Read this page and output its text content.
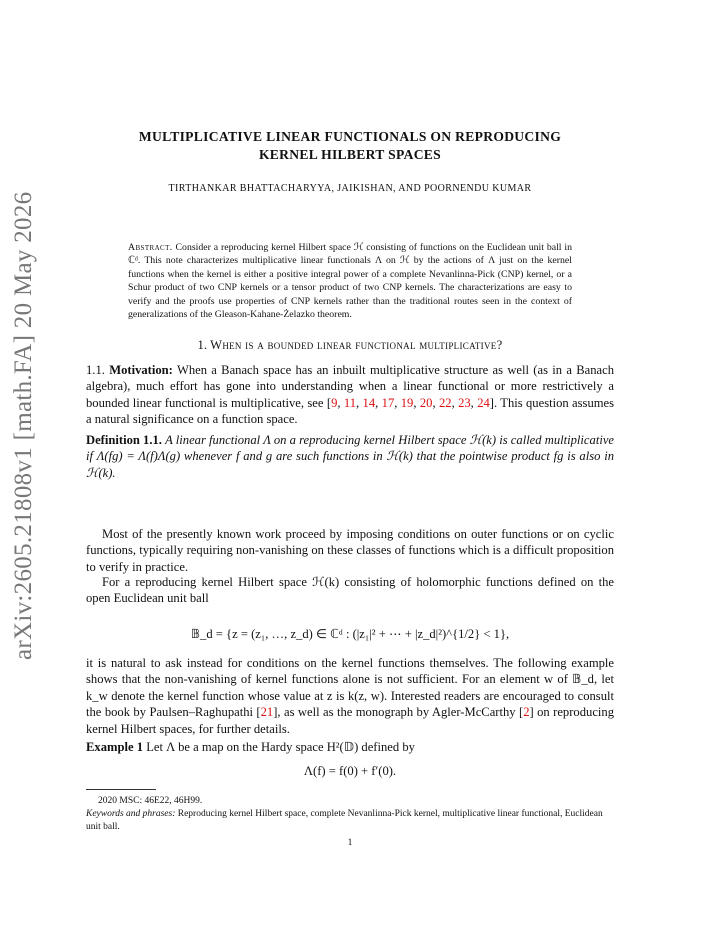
arXiv:2605.21808v1 [math.FA] 20 May 2026
MULTIPLICATIVE LINEAR FUNCTIONALS ON REPRODUCING
KERNEL HILBERT SPACES
TIRTHANKAR BHATTACHARYYA, JAIKISHAN, AND POORNENDU KUMAR
Abstract. Consider a reproducing kernel Hilbert space ℋ consisting of functions on the Euclidean unit ball in ℂᵈ. This note characterizes multiplicative linear functionals Λ on ℋ by the actions of Λ just on the kernel functions when the kernel is either a positive integral power of a complete Nevanlinna-Pick (CNP) kernel, or a Schur product of two CNP kernels or a tensor product of two CNP kernels. The characterizations are easy to verify and the proofs use properties of CNP kernels rather than the traditional routes seen in the context of generalizations of the Gleason-Kahane-Żelazko theorem.
1. When is a bounded linear functional multiplicative?

1.1. Motivation: When a Banach space has an inbuilt multiplicative structure as well (as in a Banach algebra), much effort has gone into understanding when a linear functional or more restrictively a bounded linear functional is multiplicative, see [9, 11, 14, 17, 19, 20, 22, 23, 24]. This question assumes a natural significance on a function space.

Definition 1.1. A linear functional Λ on a reproducing kernel Hilbert space ℋ(k) is called multiplicative if Λ(fg) = Λ(f)Λ(g) whenever f and g are such functions in ℋ(k) that the pointwise product fg is also in ℋ(k).

Most of the presently known work proceed by imposing conditions on outer functions or on cyclic functions, typically requiring non-vanishing on these classes of functions which is a difficult proposition to verify in practice.

For a reproducing kernel Hilbert space ℋ(k) consisting of holomorphic functions defined on the open Euclidean unit ball

𝔹_d = {z = (z₁, …, z_d) ∈ ℂᵈ : (|z₁|² + ⋯ + |z_d|²)^{1/2} < 1},

it is natural to ask instead for conditions on the kernel functions themselves. The following example shows that the non-vanishing of kernel functions alone is not sufficient. For an element w of 𝔹_d, let k_w denote the kernel function whose value at z is k(z, w). Interested readers are encouraged to consult the book by Paulsen–Raghupathi [21], as well as the monograph by Agler-McCarthy [2] on reproducing kernel Hilbert spaces, for further details.

Example 1 Let Λ be a map on the Hardy space H²(𝔻) defined by

Λ(f) = f(0) + f′(0).
2020 MSC: 46E22, 46H99.
Keywords and phrases: Reproducing kernel Hilbert space, complete Nevanlinna-Pick kernel, multiplicative linear functional, Euclidean unit ball.
1
